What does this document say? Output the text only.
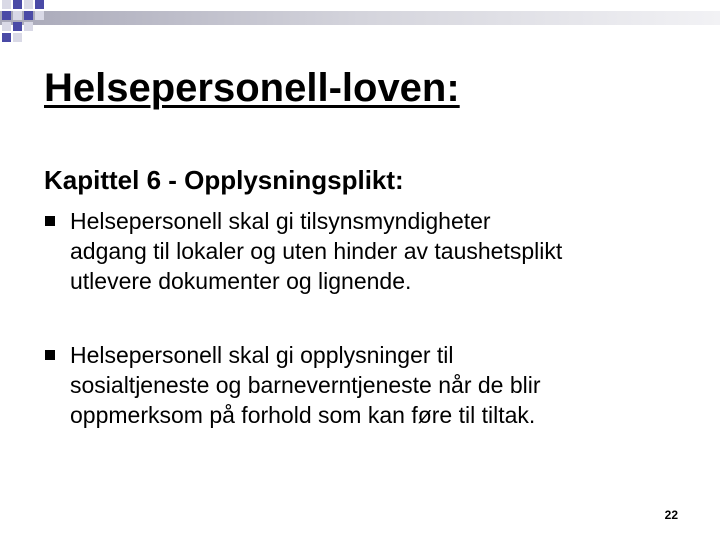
Helsepersonell-loven:
Kapittel 6 - Opplysningsplikt:
Helsepersonell skal gi tilsynsmyndigheter
adgang til lokaler og uten hinder av taushetsplikt
utlevere dokumenter og lignende.
Helsepersonell skal gi opplysninger til
sosialtjeneste og barneverntjeneste når de blir
oppmerksom på forhold som kan føre til tiltak.
22
